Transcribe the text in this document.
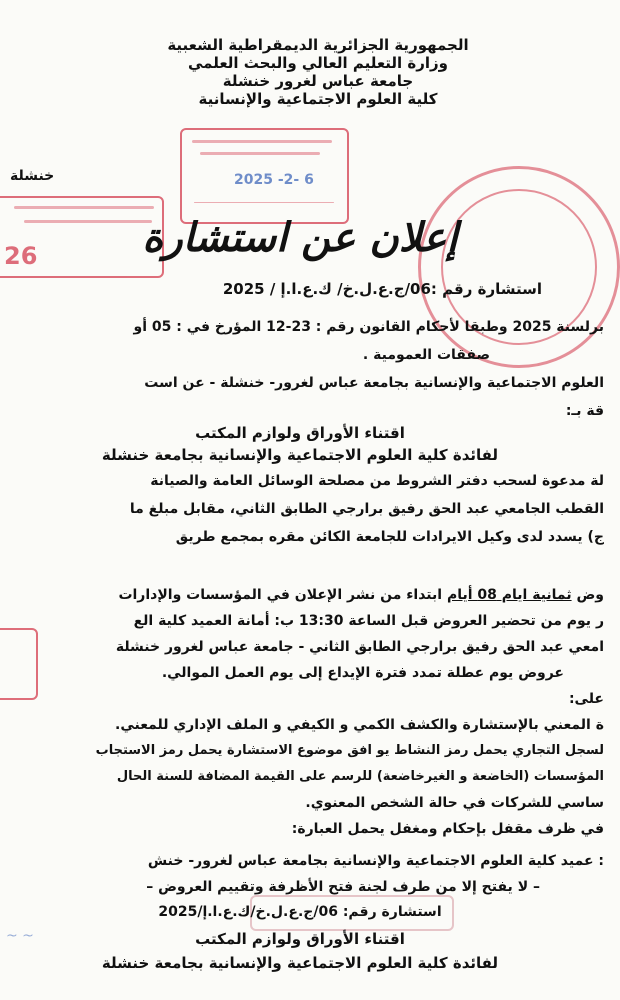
2025 -2- 6
26
~ ~
الجمهورية الجزائرية الديمقراطية الشعبية
وزارة التعليم العالي والبحث العلمي
جامعة عباس لغرور خنشلة
كلية العلوم الاجتماعية والإنسانية
خنشلة
إعلان عن استشارة
استشارة رقم :06/ج.ع.ل.خ/ ك.ع.ا.إ / 2025
برلسنة 2025 وطبقا لأحكام القانون رقم : 23-12 المؤرخ في : 05 أو
صفقات العمومية .
العلوم الاجتماعية والإنسانية بجامعة عباس لغرور- خنشلة - عن است
قة بـ:
اقتناء الأوراق ولوازم المكتب
لفائدة كلية العلوم الاجتماعية والإنسانية بجامعة خنشلة
لة مدعوة لسحب دفتر الشروط من مصلحة الوسائل العامة والصيانة
القطب الجامعي عبد الحق رفيق برارجي الطابق الثاني، مقابل مبلغ ما
ج) يسدد لدى وكيل الايرادات للجامعة الكائن مقره بمجمع طريق
وض ثمانية ايام 08 أيام ابتداء من نشر الإعلان في المؤسسات والإدارات
ر يوم من تحضير العروض قبل الساعة 13:30 ب: أمانة العميد كلية الع
امعي عبد الحق رفيق برارجي الطابق الثاني - جامعة عباس لغرور خنشلة
عروض يوم عطلة تمدد فترة الإيداع إلى يوم العمل الموالي.
على:
ة المعني بالإستشارة والكشف الكمي و الكيفي و الملف الإداري للمعني.
لسجل التجاري يحمل رمز النشاط يو افق موضوع الاستشارة يحمل رمز الاستجاب
المؤسسات (الخاضعة و الغيرخاضعة) للرسم على القيمة المضافة للسنة الحال
ساسي للشركات في حالة الشخص المعنوي.
في ظرف مقفل بإحكام ومغفل يحمل العبارة:
: عميد كلية العلوم الاجتماعية والإنسانية بجامعة عباس لغرور- خنش
– لا يفتح إلا من طرف لجنة فتح الأظرفة وتقييم العروض –
استشارة رقم: 06/ج.ع.ل.خ/ك.ع.ا.إ/2025
اقتناء الأوراق ولوازم المكتب
لفائدة كلية العلوم الاجتماعية والإنسانية بجامعة خنشلة
